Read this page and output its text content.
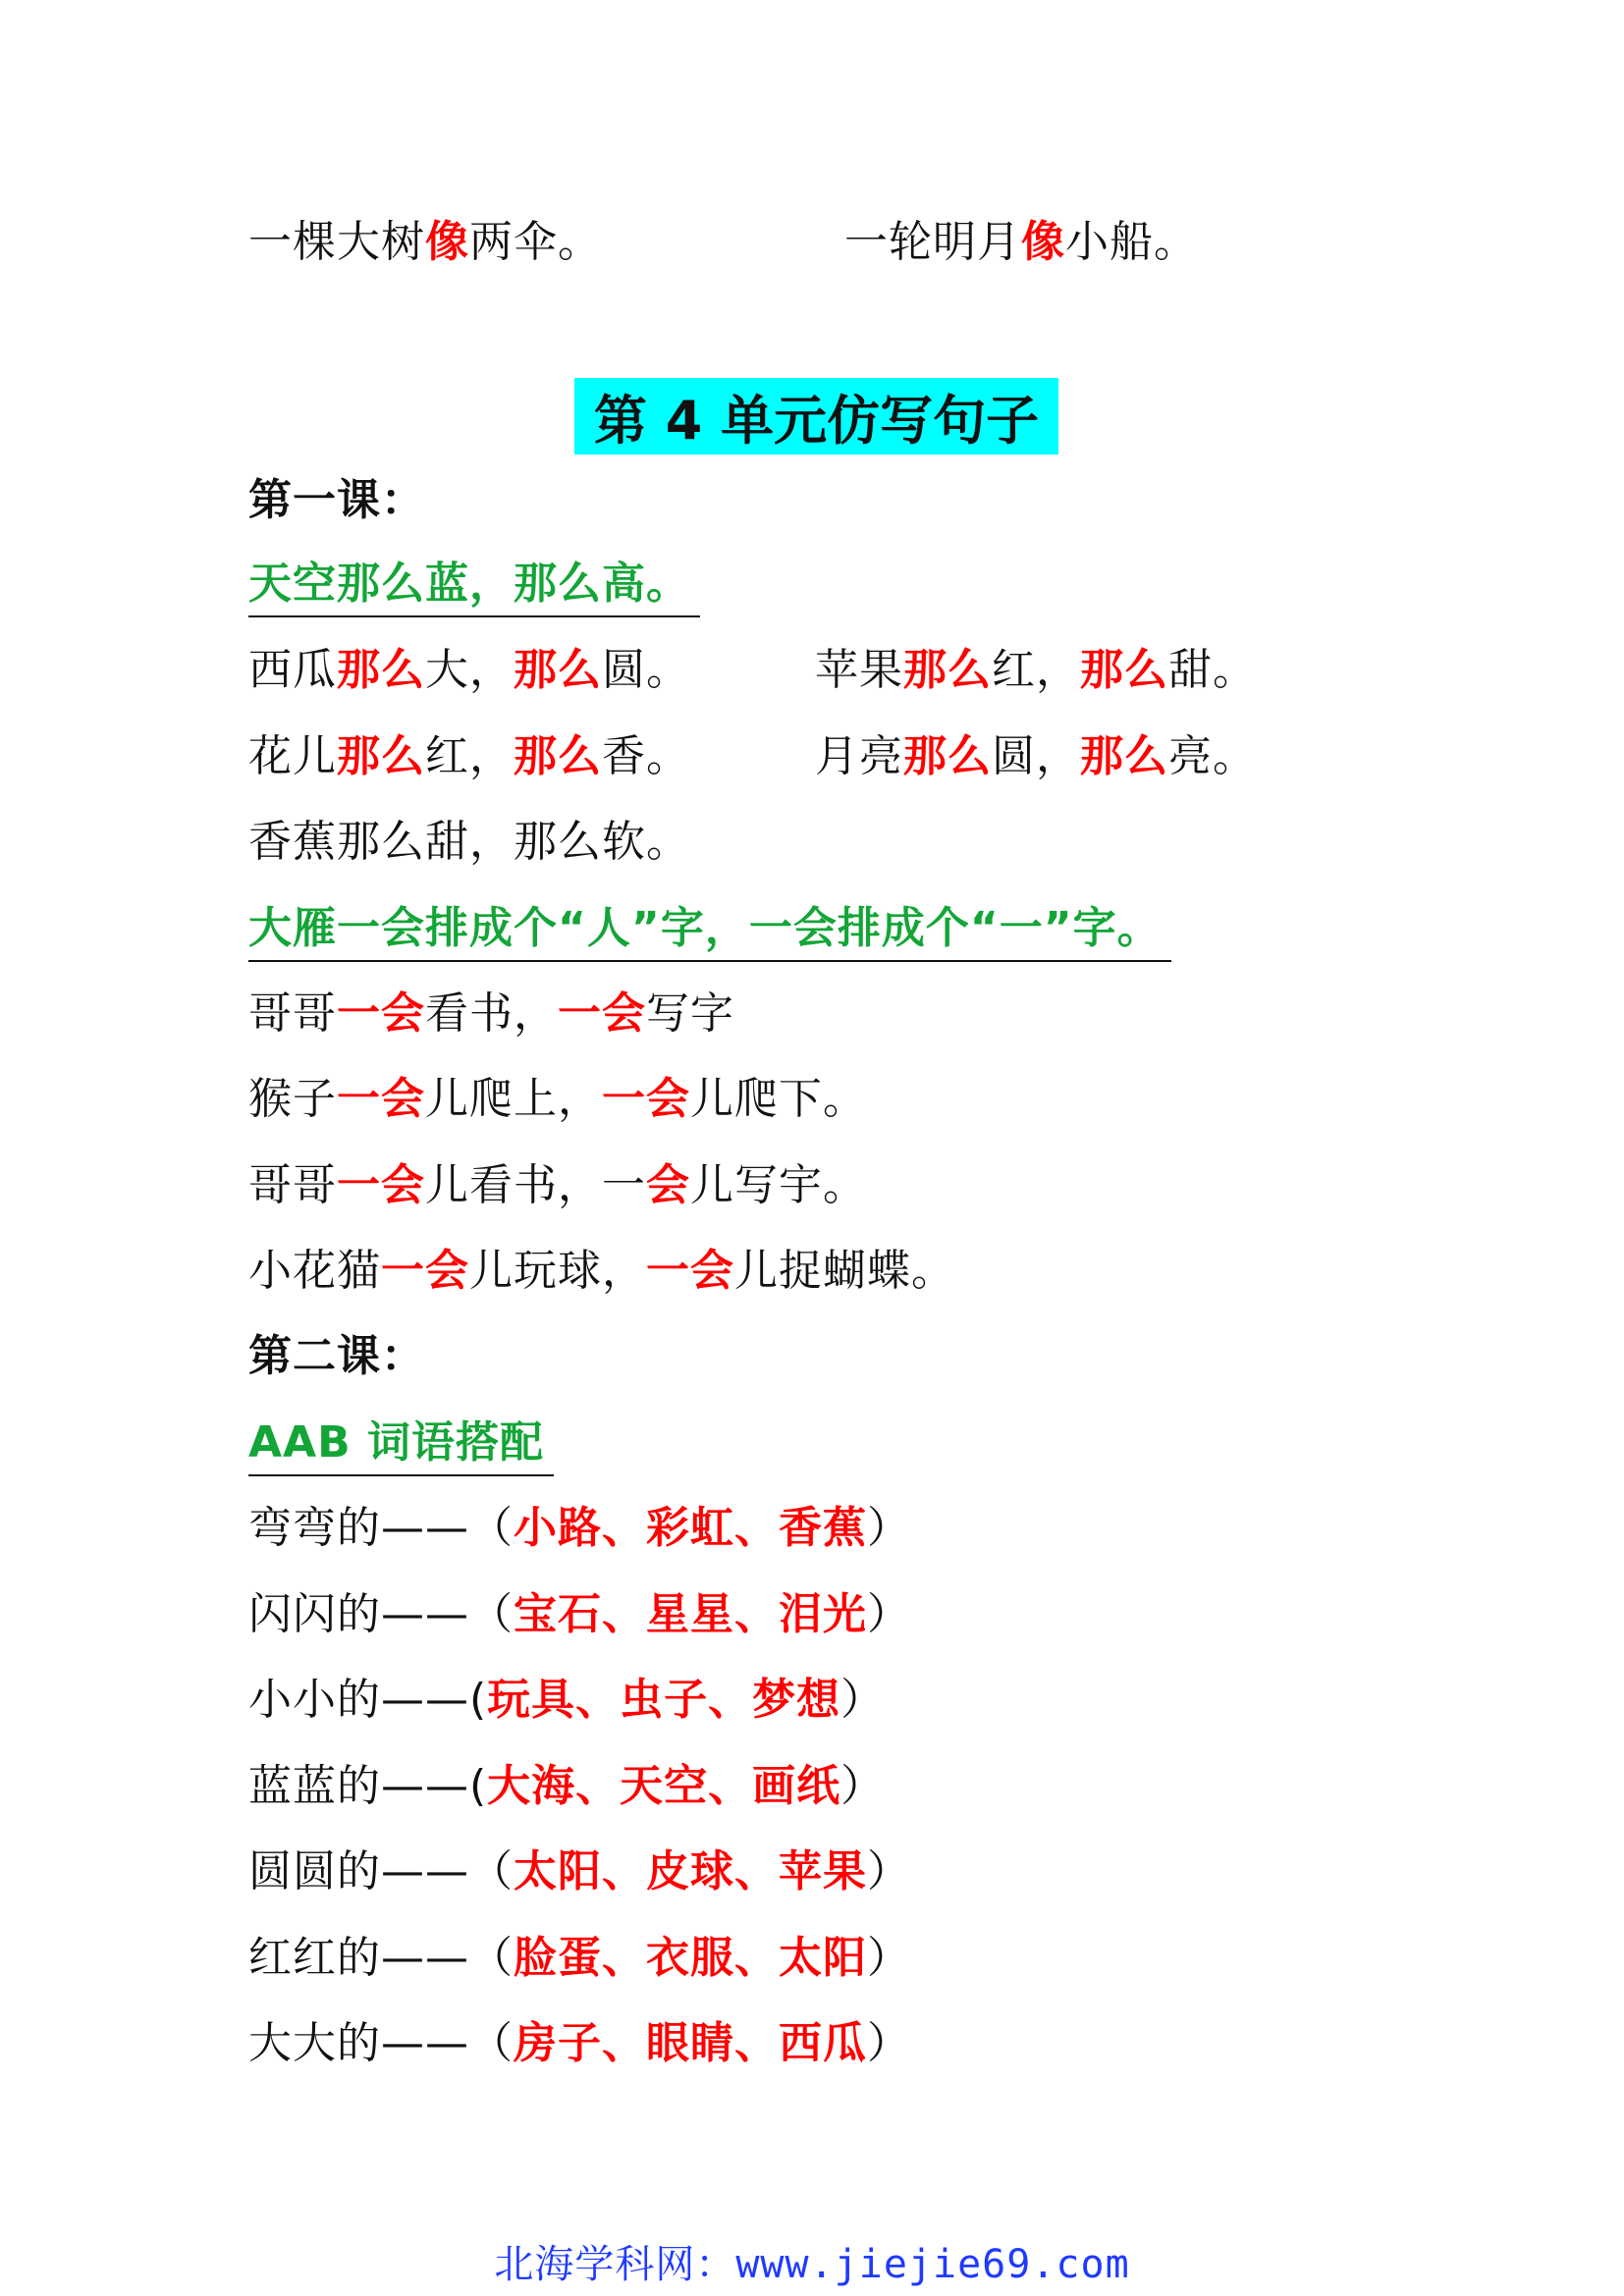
一棵大树像两伞。	一轮明月像小船。
第 4 单元仿写句子
第一课：
天空那么蓝，那么高。
西瓜那么大，那么圆。	苹果那么红，那么甜。
花儿那么红，那么香。	月亮那么圆，那么亮。
香蕉那么甜，那么软。
大雁一会排成个“人”字，一会排成个“一”字。
哥哥一会看书，一会写字
猴子一会儿爬上，一会儿爬下。
哥哥一会儿看书，一会儿写宇。
小花猫一会儿玩球，一会儿捉蝴蝶。
第二课：
AAB 词语搭配
弯弯的——（小路、彩虹、香蕉）
闪闪的——（宝石、星星、泪光）
小小的——(玩具、虫子、梦想）
蓝蓝的——(大海、天空、画纸）
圆圆的——（太阳、皮球、苹果）
红红的——（脸蛋、衣服、太阳）
大大的——（房子、眼睛、西瓜）
北海学科网：www.jiejie69.com
